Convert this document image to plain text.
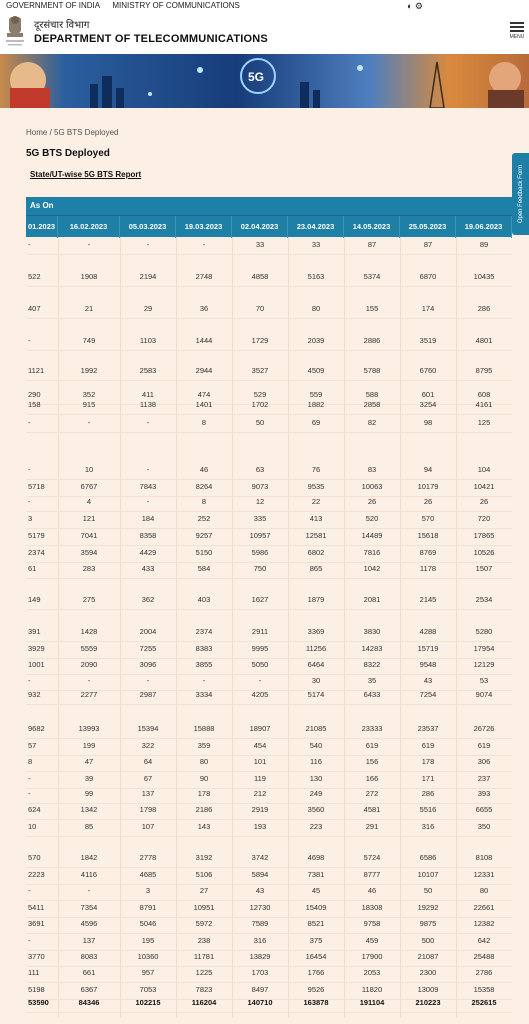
GOVERNMENT OF INDIA MINISTRY OF COMMUNICATIONS	◐ ⚙
दूरसंचार विभाग
DEPARTMENT OF TELECOMMUNICATIONS	MENU
5G
Home / 5G BTS Deployed
5G BTS Deployed
State/UT-wise 5G BTS Report	Open Feedback Form
As On
01.2023	16.02.2023	05.03.2023	19.03.2023	02.04.2023	23.04.2023	14.05.2023	25.05.2023	19.06.2023
-	-	-	-	33	33	87	87	89
522	1908	2194	2748	4858	5163	5374	6870	10435
407	21	29	36	70	80	155	174	286
-	749	1103	1444	1729	2039	2886	3519	4801
1121	1992	2583	2944	3527	4509	5788	6760	8795
290	352	411	474	529	559	588	601	608
158	915	1138	1401	1702	1882	2858	3254	4161
-	-	-	8	50	69	82	98	125
-	10	-	46	63	76	83	94	104
5718	6767	7843	8264	9073	9535	10063	10179	10421
-	4	-	8	12	22	26	26	26
3	121	184	252	335	413	520	570	720
5179	7041	8358	9257	10957	12581	14489	15618	17865
2374	3594	4429	5150	5986	6802	7816	8769	10526
61	283	433	584	750	865	1042	1178	1507
149	275	362	403	1627	1879	2081	2145	2534
391	1428	2004	2374	2911	3369	3830	4288	5280
3929	5559	7255	8383	9995	11256	14283	15719	17954
1001	2090	3096	3855	5050	6464	8322	9548	12129
-	-	-	-	-	30	35	43	53
932	2277	2987	3334	4205	5174	6433	7254	9074
9682	13993	15394	15888	18907	21085	23333	23537	26726
57	199	322	359	454	540	619	619	619
8	47	64	80	101	116	156	178	306
-	39	67	90	119	130	166	171	237
-	99	137	178	212	249	272	286	393
624	1342	1798	2186	2919	3560	4581	5516	6655
10	85	107	143	193	223	291	316	350
570	1842	2778	3192	3742	4698	5724	6586	8108
2223	4116	4685	5106	5894	7381	8777	10107	12331
-	-	3	27	43	45	46	50	80
5411	7354	8791	10951	12730	15409	18308	19292	22661
3691	4596	5046	5972	7589	8521	9758	9875	12382
-	137	195	238	316	375	459	500	642
3770	8083	10360	11781	13829	16454	17900	21087	25488
111	661	957	1225	1703	1766	2053	2300	2786
5198	6367	7053	7823	8497	9526	11820	13009	15358
53590	84346	102215	116204	140710	163878	191104	210223	252615
